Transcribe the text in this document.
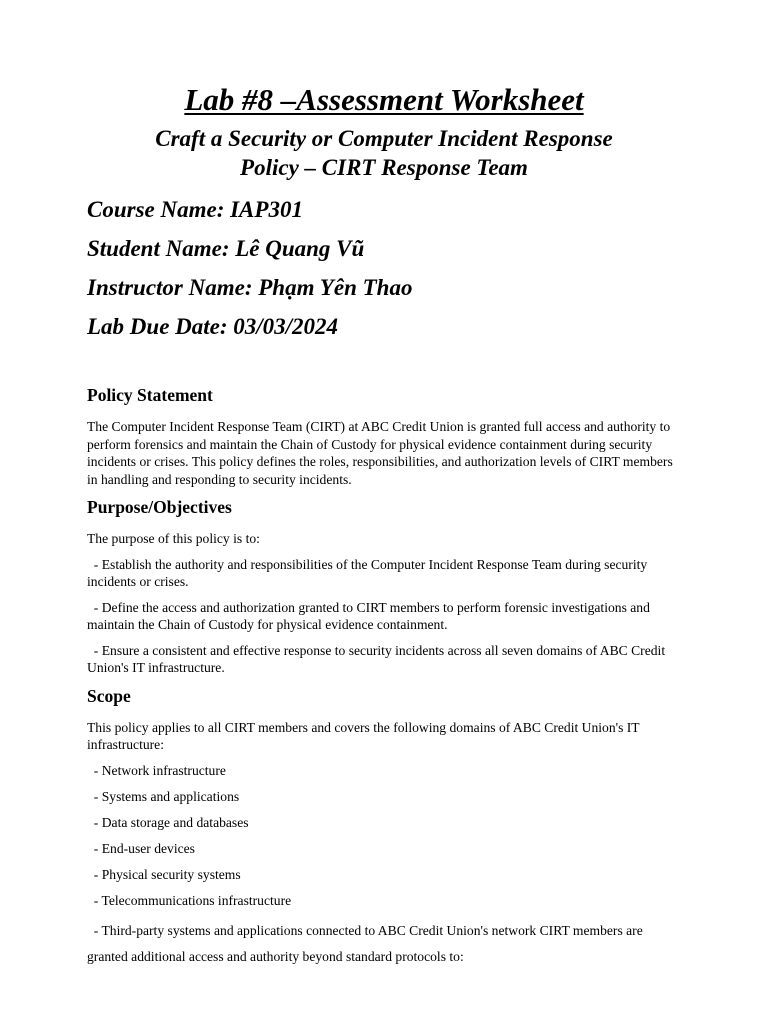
Lab #8 –Assessment Worksheet
Craft a Security or Computer Incident Response
Policy – CIRT Response Team
Course Name: IAP301
Student Name: Lê Quang Vũ
Instructor Name: Phạm Yên Thao
Lab Due Date: 03/03/2024
Policy Statement

The Computer Incident Response Team (CIRT) at ABC Credit Union is granted full access and authority to perform forensics and maintain the Chain of Custody for physical evidence containment during security incidents or crises. This policy defines the roles, responsibilities, and authorization levels of CIRT members in handling and responding to security incidents.

Purpose/Objectives

The purpose of this policy is to:

- Establish the authority and responsibilities of the Computer Incident Response Team during security incidents or crises.
- Define the access and authorization granted to CIRT members to perform forensic investigations and maintain the Chain of Custody for physical evidence containment.
- Ensure a consistent and effective response to security incidents across all seven domains of ABC Credit Union's IT infrastructure.
Scope

This policy applies to all CIRT members and covers the following domains of ABC Credit Union's IT infrastructure:

- Network infrastructure
- Systems and applications
- Data storage and databases
- End-user devices
- Physical security systems
- Telecommunications infrastructure
- Third-party systems and applications connected to ABC Credit Union's network CIRT members are granted additional access and authority beyond standard protocols to:
